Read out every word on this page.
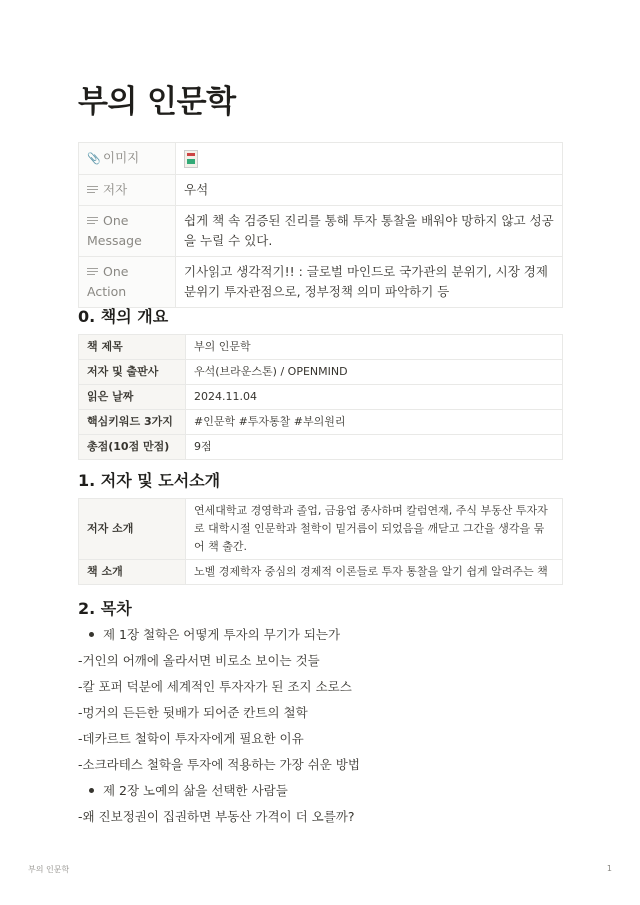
부의 인문학
📎 이미지	
저자	우석
One Message	쉽게 책 속 검증된 진리를 통해 투자 통찰을 배워야 망하지 않고 성공을 누릴 수 있다.
One Action	기사읽고 생각적기!! : 글로벌 마인드로 국가관의 분위기, 시장 경제 분위기 투자관점으로, 정부정책 의미 파악하기 등
0. 책의 개요
책 제목	부의 인문학
저자 및 출판사	우석(브라운스톤) / OPENMIND
읽은 날짜	2024.11.04
핵심키워드 3가지	#인문학 #투자통찰 #부의원리
총점(10점 만점)	9점
1. 저자 및 도서소개
저자 소개	연세대학교 경영학과 졸업, 금융업 종사하며 칼럼연재, 주식 부동산 투자자로 대학시절 인문학과 철학이 밑거름이 되었음을 깨닫고 그간을 생각을 묶어 책 출간.
책 소개	노벨 경제학자 중심의 경제적 이론들로 투자 통찰을 알기 쉽게 알려주는 책
2. 목차
제 1장 철학은 어떻게 투자의 무기가 되는가
-거인의 어깨에 올라서면 비로소 보이는 것들
-칼 포퍼 덕분에 세계적인 투자자가 된 조지 소로스
-멍거의 든든한 뒷배가 되어준 칸트의 철학
-데카르트 철학이 투자자에게 필요한 이유
-소크라테스 철학을 투자에 적용하는 가장 쉬운 방법
제 2장 노예의 삶을 선택한 사람들
-왜 진보정권이 집권하면 부동산 가격이 더 오를까?
부의 인문학	1
